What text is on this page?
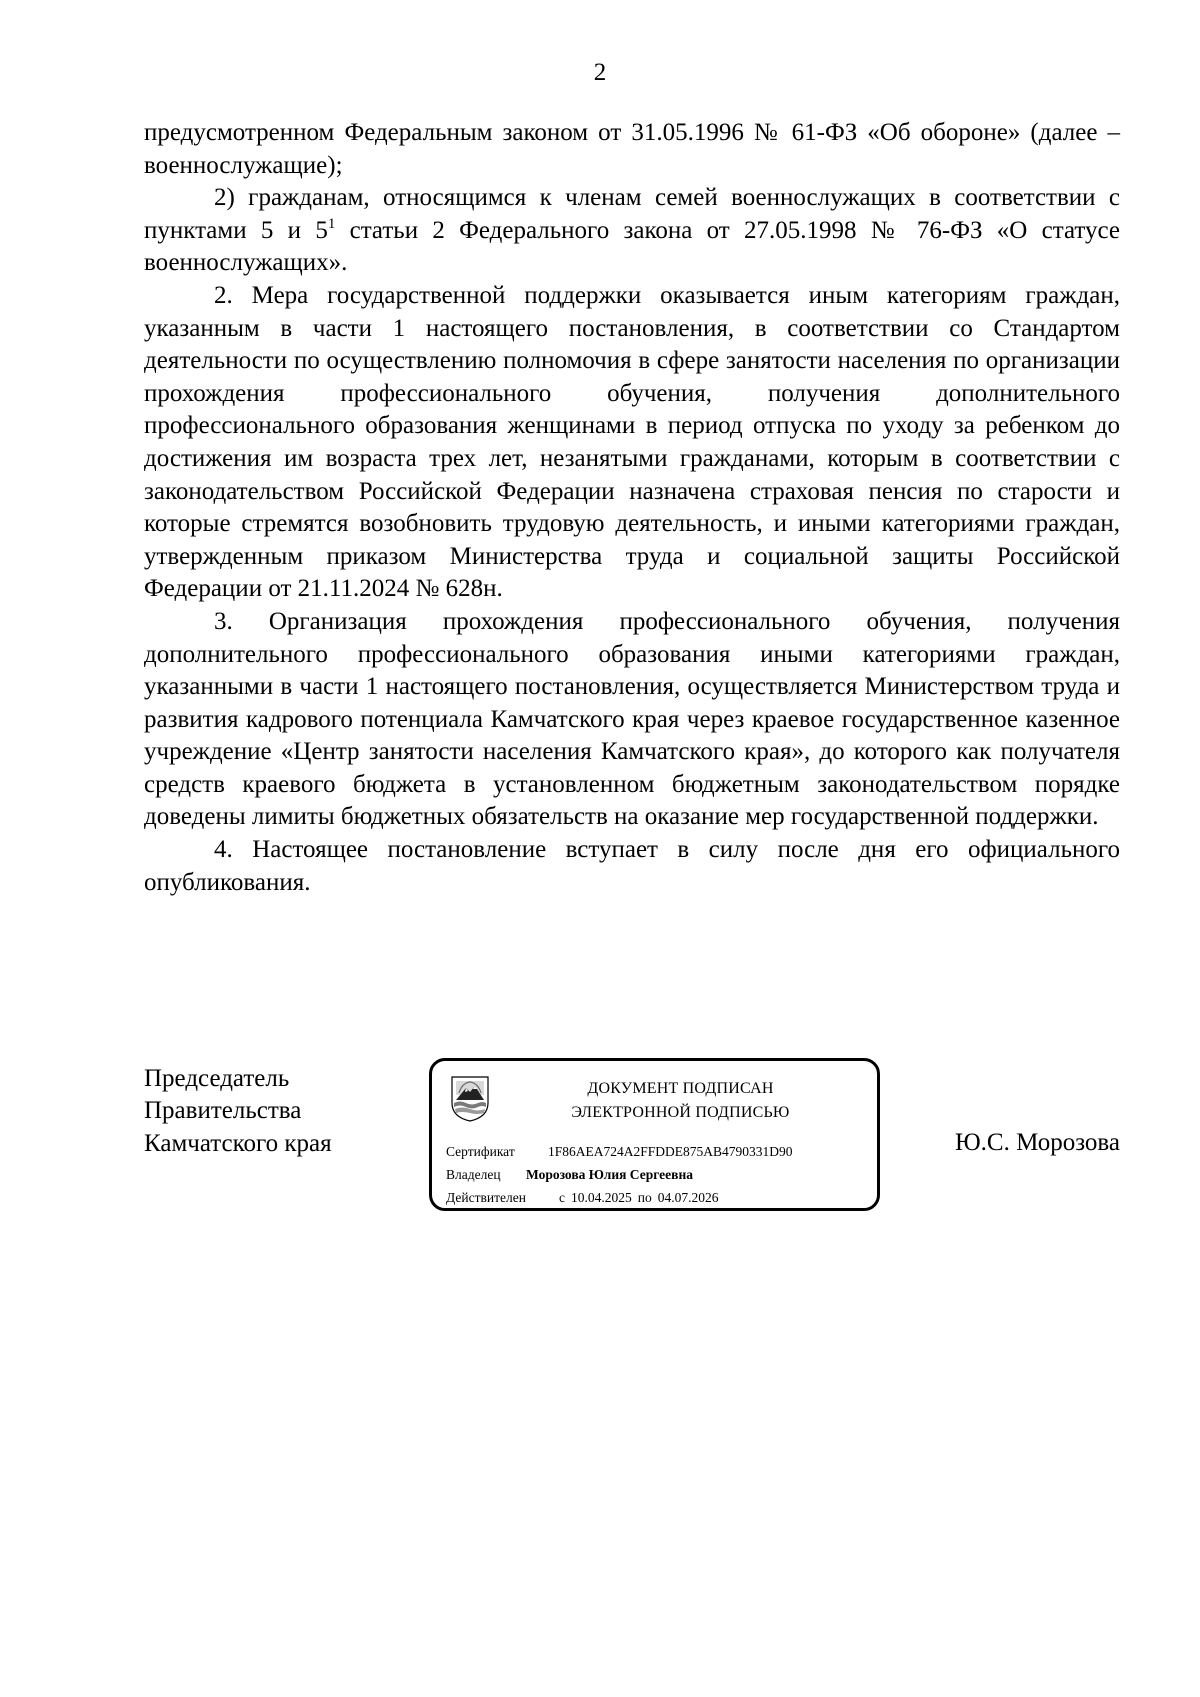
2

предусмотренном Федеральным законом от 31.05.1996 № 61-ФЗ «Об обороне» (далее – военнослужащие);

2) гражданам, относящимся к членам семей военнослужащих в соответствии с пунктами 5 и $5^1$ статьи 2 Федерального закона от 27.05.1998 № 76-ФЗ «О статусе военнослужащих».

2. Мера государственной поддержки оказывается иным категориям граждан, указанным в части 1 настоящего постановления, в соответствии со Стандартом деятельности по осуществлению полномочия в сфере занятости населения по организации прохождения профессионального обучения, получения дополнительного профессионального образования женщинами в период отпуска по уходу за ребенком до достижения им возраста трех лет, незанятыми гражданами, которым в соответствии с законодательством Российской Федерации назначена страховая пенсия по старости и которые стремятся возобновить трудовую деятельность, и иными категориями граждан, утвержденным приказом Министерства труда и социальной защиты Российской Федерации от 21.11.2024 № 628н.

3. Организация прохождения профессионального обучения, получения дополнительного профессионального образования иными категориями граждан, указанными в части 1 настоящего постановления, осуществляется Министерством труда и развития кадрового потенциала Камчатского края через краевое государственное казенное учреждение «Центр занятости населения Камчатского края», до которого как получателя средств краевого бюджета в установленном бюджетным законодательством порядке доведены лимиты бюджетных обязательств на оказание мер государственной поддержки.

4. Настоящее постановление вступает в силу после дня его официального опубликования.

Председатель
Правительства
Камчатского края
ДОКУМЕНТ ПОДПИСАН
ЭЛЕКТРОННОЙ ПОДПИСЬЮ
Сертификат 1F86AEA724A2FFDDE875AB4790331D90
Владелец Морозова Юлия Сергеевна
Действителен с 10.04.2025 по 04.07.2026
Ю.С. Морозова
